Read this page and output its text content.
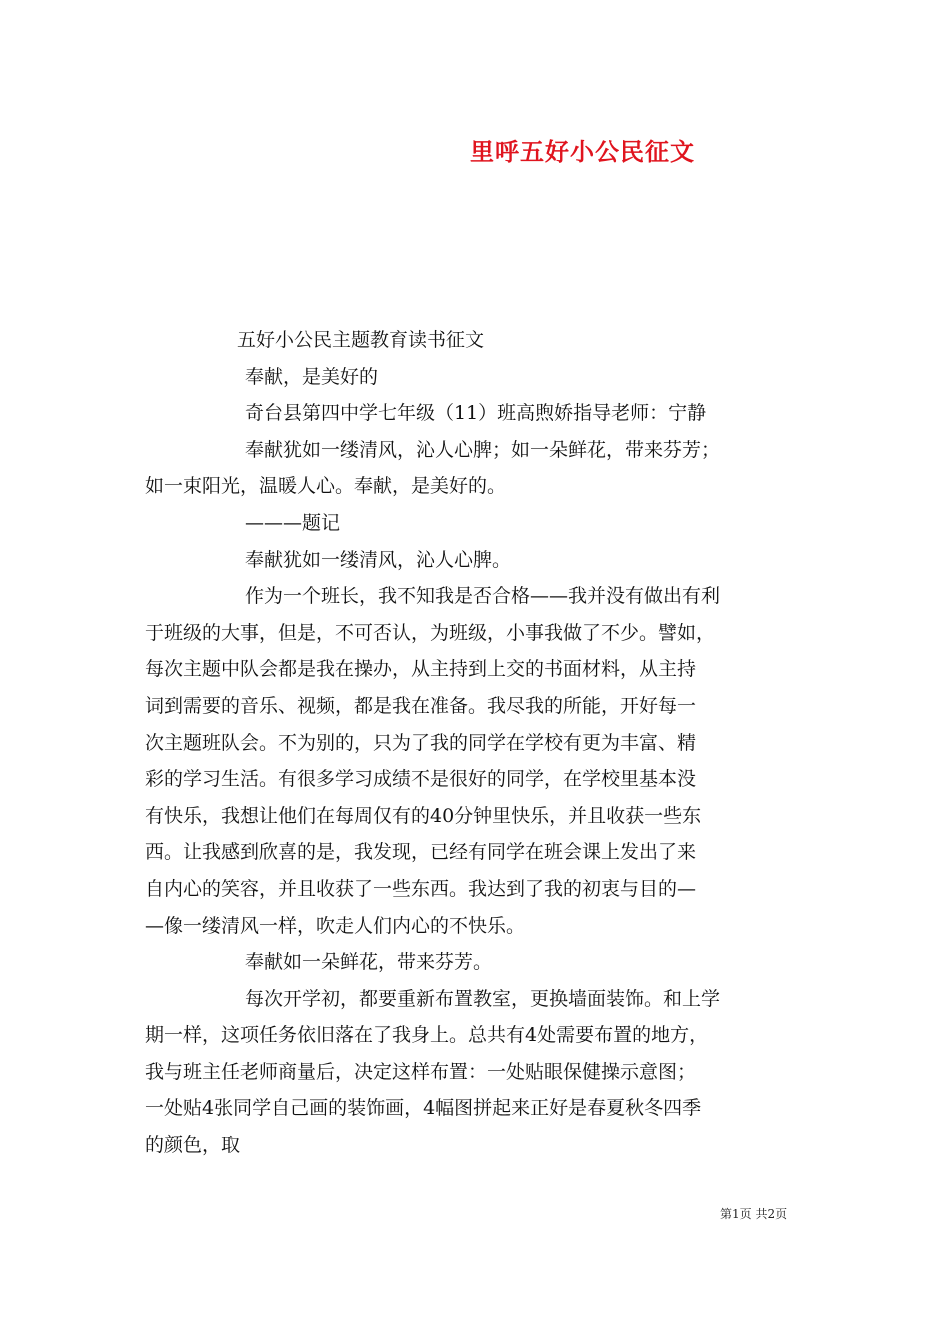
里呼五好小公民征文
五好小公民主题教育读书征文
奉献，是美好的
奇台县第四中学七年级（11）班高煦娇指导老师：宁静
奉献犹如一缕清风，沁人心脾；如一朵鲜花，带来芬芳；
如一束阳光，温暖人心。奉献，是美好的。
———题记
奉献犹如一缕清风，沁人心脾。
作为一个班长，我不知我是否合格——我并没有做出有利
于班级的大事，但是，不可否认，为班级，小事我做了不少。譬如，
每次主题中队会都是我在操办，从主持到上交的书面材料，从主持
词到需要的音乐、视频，都是我在准备。我尽我的所能，开好每一
次主题班队会。不为别的，只为了我的同学在学校有更为丰富、精
彩的学习生活。有很多学习成绩不是很好的同学，在学校里基本没
有快乐，我想让他们在每周仅有的40分钟里快乐，并且收获一些东
西。让我感到欣喜的是，我发现，已经有同学在班会课上发出了来
自内心的笑容，并且收获了一些东西。我达到了我的初衷与目的—
—像一缕清风一样，吹走人们内心的不快乐。
奉献如一朵鲜花，带来芬芳。
每次开学初，都要重新布置教室，更换墙面装饰。和上学
期一样，这项任务依旧落在了我身上。总共有4处需要布置的地方，
我与班主任老师商量后，决定这样布置：一处贴眼保健操示意图；
一处贴4张同学自己画的装饰画，4幅图拼起来正好是春夏秋冬四季
的颜色，取
第1页 共2页
